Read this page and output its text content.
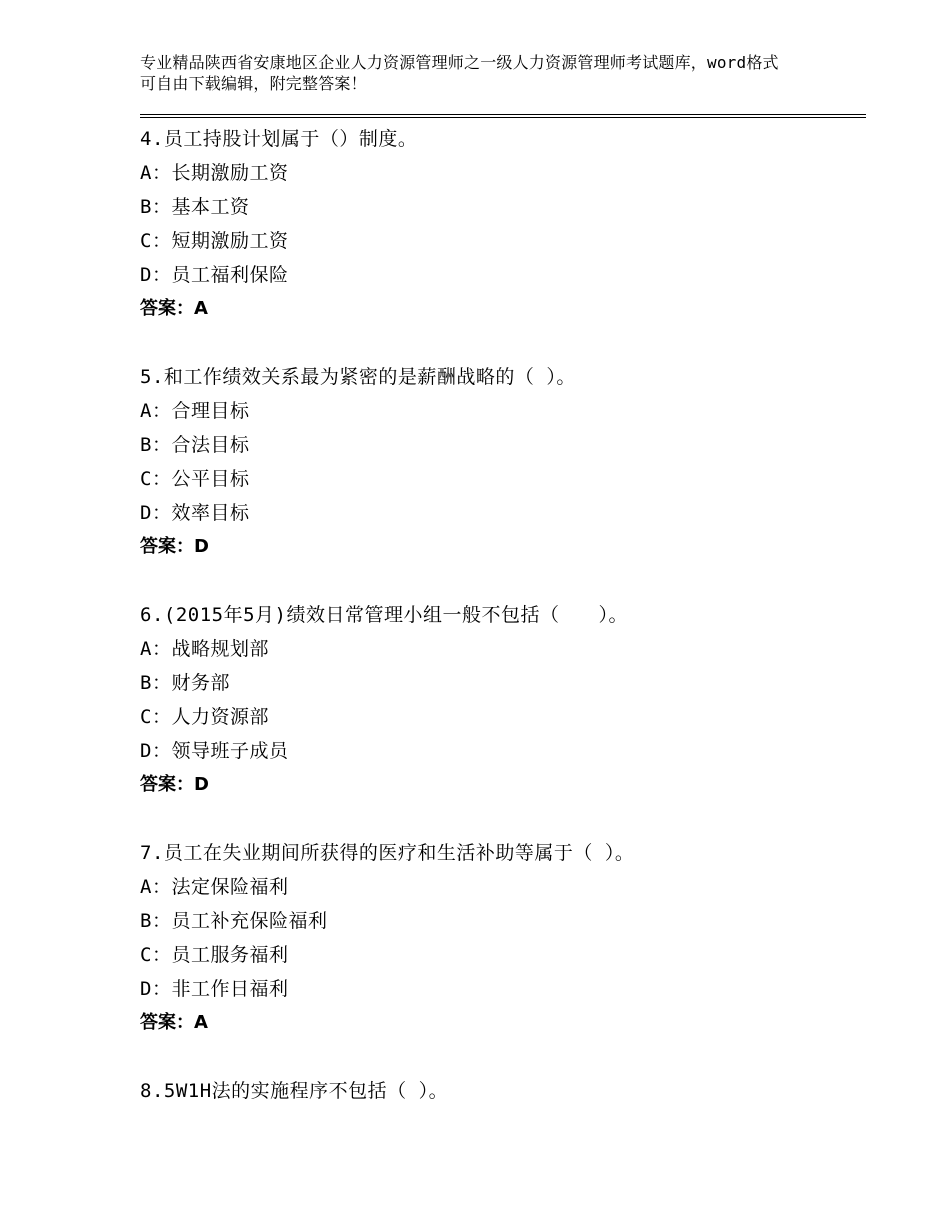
专业精品陕西省安康地区企业人力资源管理师之一级人力资源管理师考试题库，word格式可自由下载编辑，附完整答案！
4.员工持股计划属于（）制度。
A：长期激励工资
B：基本工资
C：短期激励工资
D：员工福利保险
答案：A
5.和工作绩效关系最为紧密的是薪酬战略的（ ）。
A：合理目标
B：合法目标
C：公平目标
D：效率目标
答案：D
6.(2015年5月)绩效日常管理小组一般不包括（　　）。
A：战略规划部
B：财务部
C：人力资源部
D：领导班子成员
答案：D
7.员工在失业期间所获得的医疗和生活补助等属于（ ）。
A：法定保险福利
B：员工补充保险福利
C：员工服务福利
D：非工作日福利
答案：A
8.5W1H法的实施程序不包括（ ）。
